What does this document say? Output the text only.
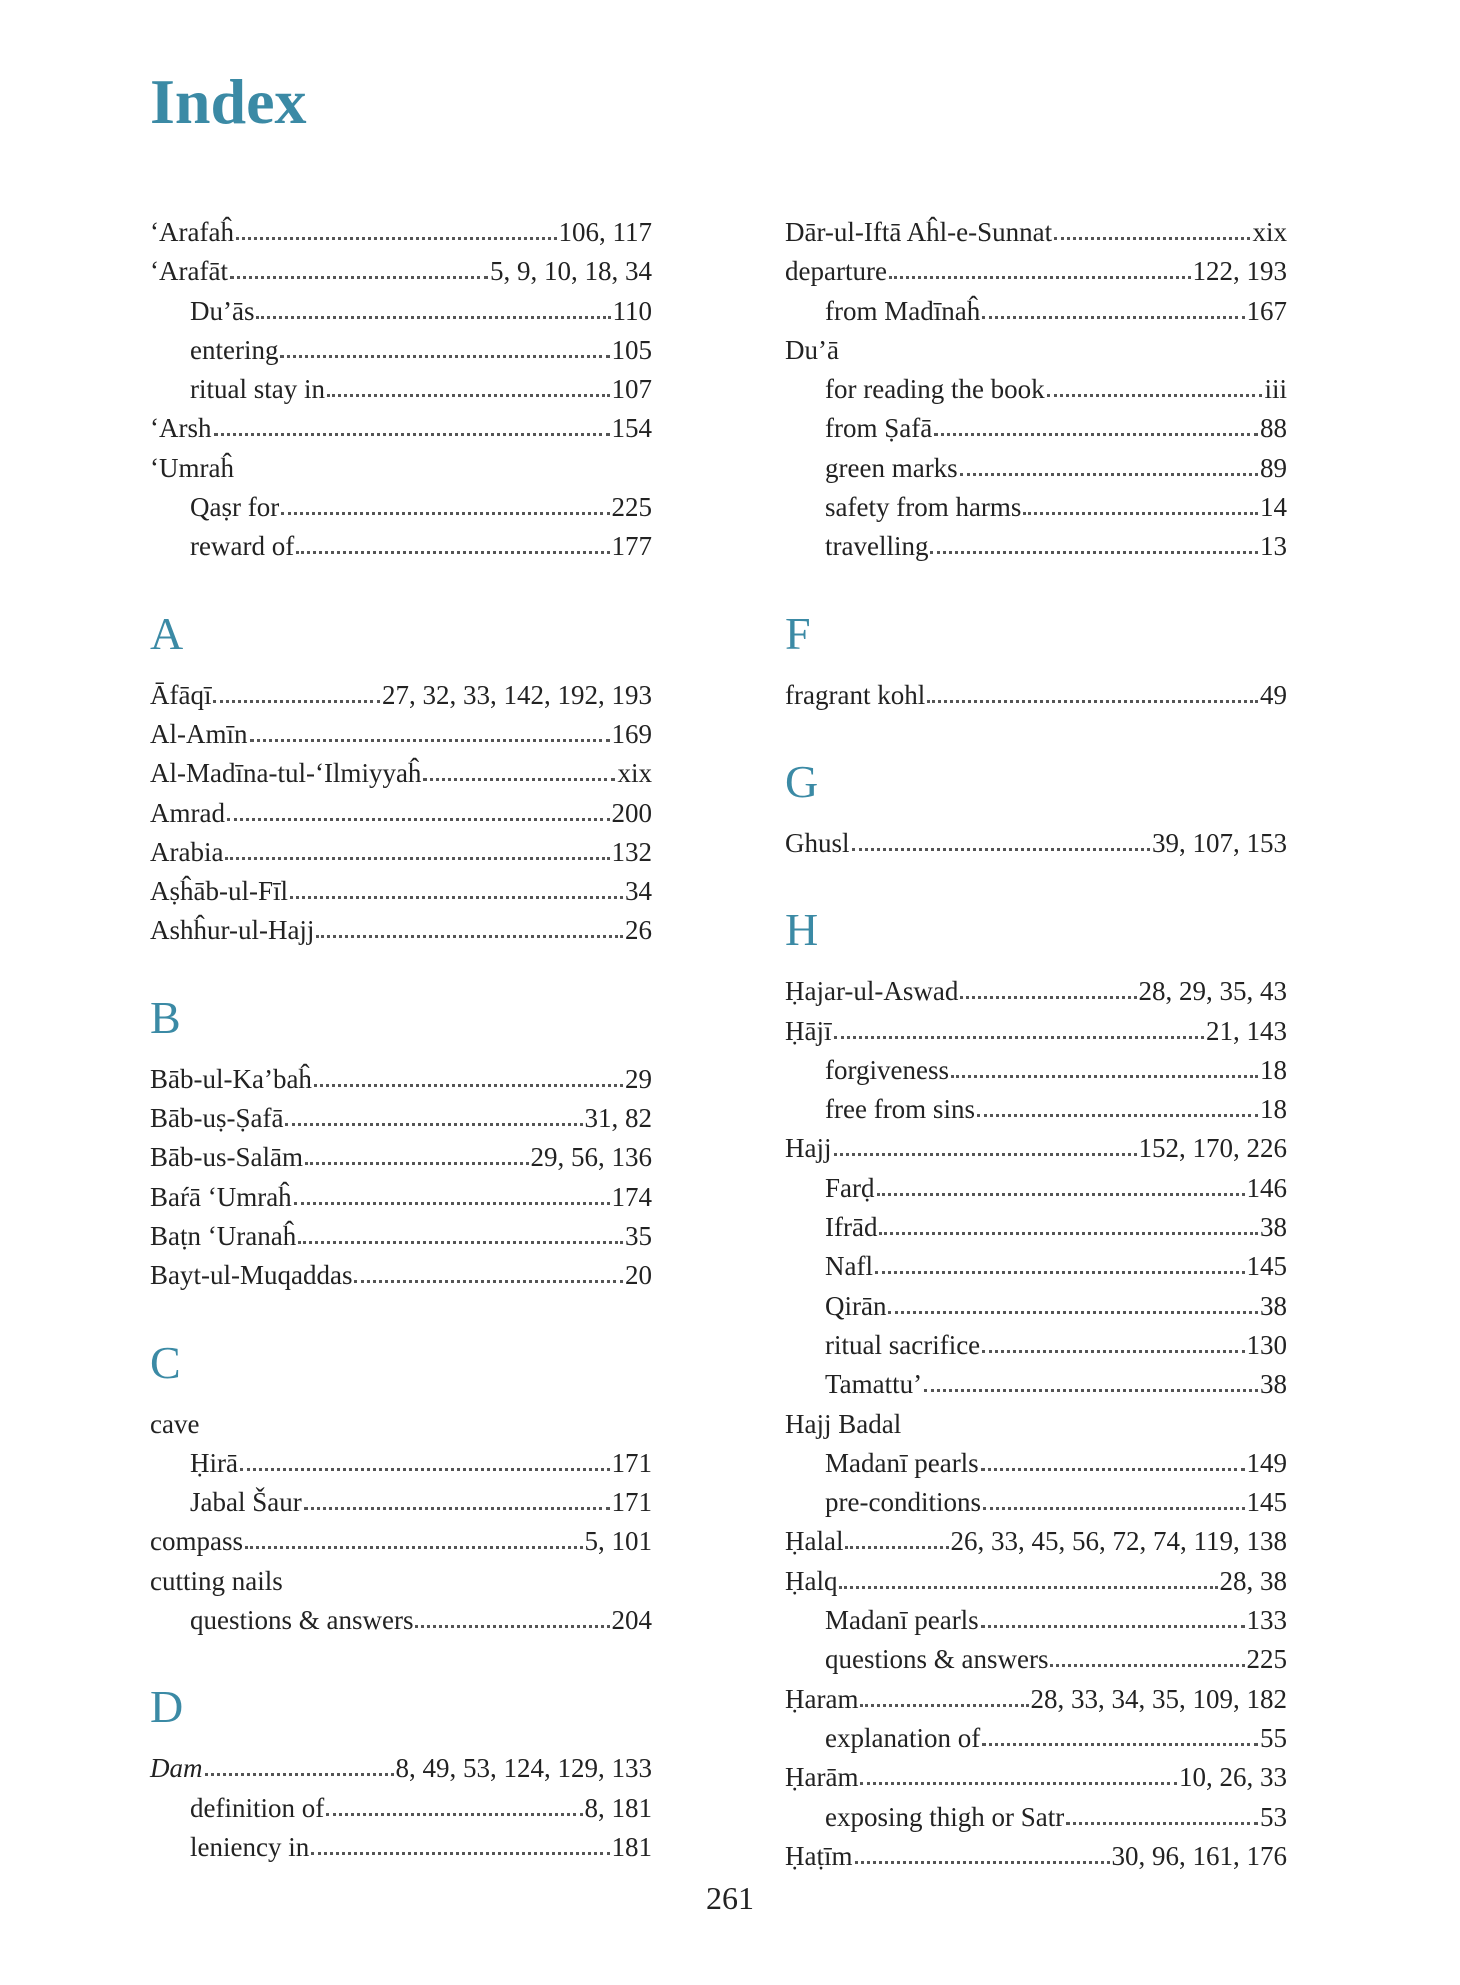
Index
‘Arafaĥ	106, 117
‘Arafāt	5, 9, 10, 18, 34
Du’ās	110
entering	105
ritual stay in	107
‘Arsh	154
‘Umraĥ
Qaṣr for	225
reward of	177
A
Āfāqī	27, 32, 33, 142, 192, 193
Al-Amīn	169
Al-Madīna-tul-‘Ilmiyyaĥ	xix
Amrad	200
Arabia	132
Aṣĥāb-ul-Fīl	34
Ashĥur-ul-Hajj	26
B
Bāb-ul-Ka’baĥ	29
Bāb-uṣ-Ṣafā	31, 82
Bāb-us-Salām	29, 56, 136
Baŕā ‘Umraĥ	174
Baṭn ‘Uranaĥ	35
Bayt-ul-Muqaddas	20
C
cave
Ḥirā	171
Jabal Šaur	171
compass	5, 101
cutting nails
questions & answers	204
D
Dam	8, 49, 53, 124, 129, 133
definition of	8, 181
leniency in	181
Dār-ul-Iftā Aĥl-e-Sunnat	xix
departure	122, 193
from Madīnaĥ	167
Du’ā
for reading the book	iii
from Ṣafā	88
green marks	89
safety from harms	14
travelling	13
F
fragrant kohl	49
G
Ghusl	39, 107, 153
H
Ḥajar-ul-Aswad	28, 29, 35, 43
Ḥājī	21, 143
forgiveness	18
free from sins	18
Hajj	152, 170, 226
Farḍ	146
Ifrād	38
Nafl	145
Qirān	38
ritual sacrifice	130
Tamattu’	38
Hajj Badal
Madanī pearls	149
pre-conditions	145
Ḥalal	26, 33, 45, 56, 72, 74, 119, 138
Ḥalq	28, 38
Madanī pearls	133
questions & answers	225
Ḥaram	28, 33, 34, 35, 109, 182
explanation of	55
Ḥarām	10, 26, 33
exposing thigh or Satr	53
Ḥaṭīm	30, 96, 161, 176
261
